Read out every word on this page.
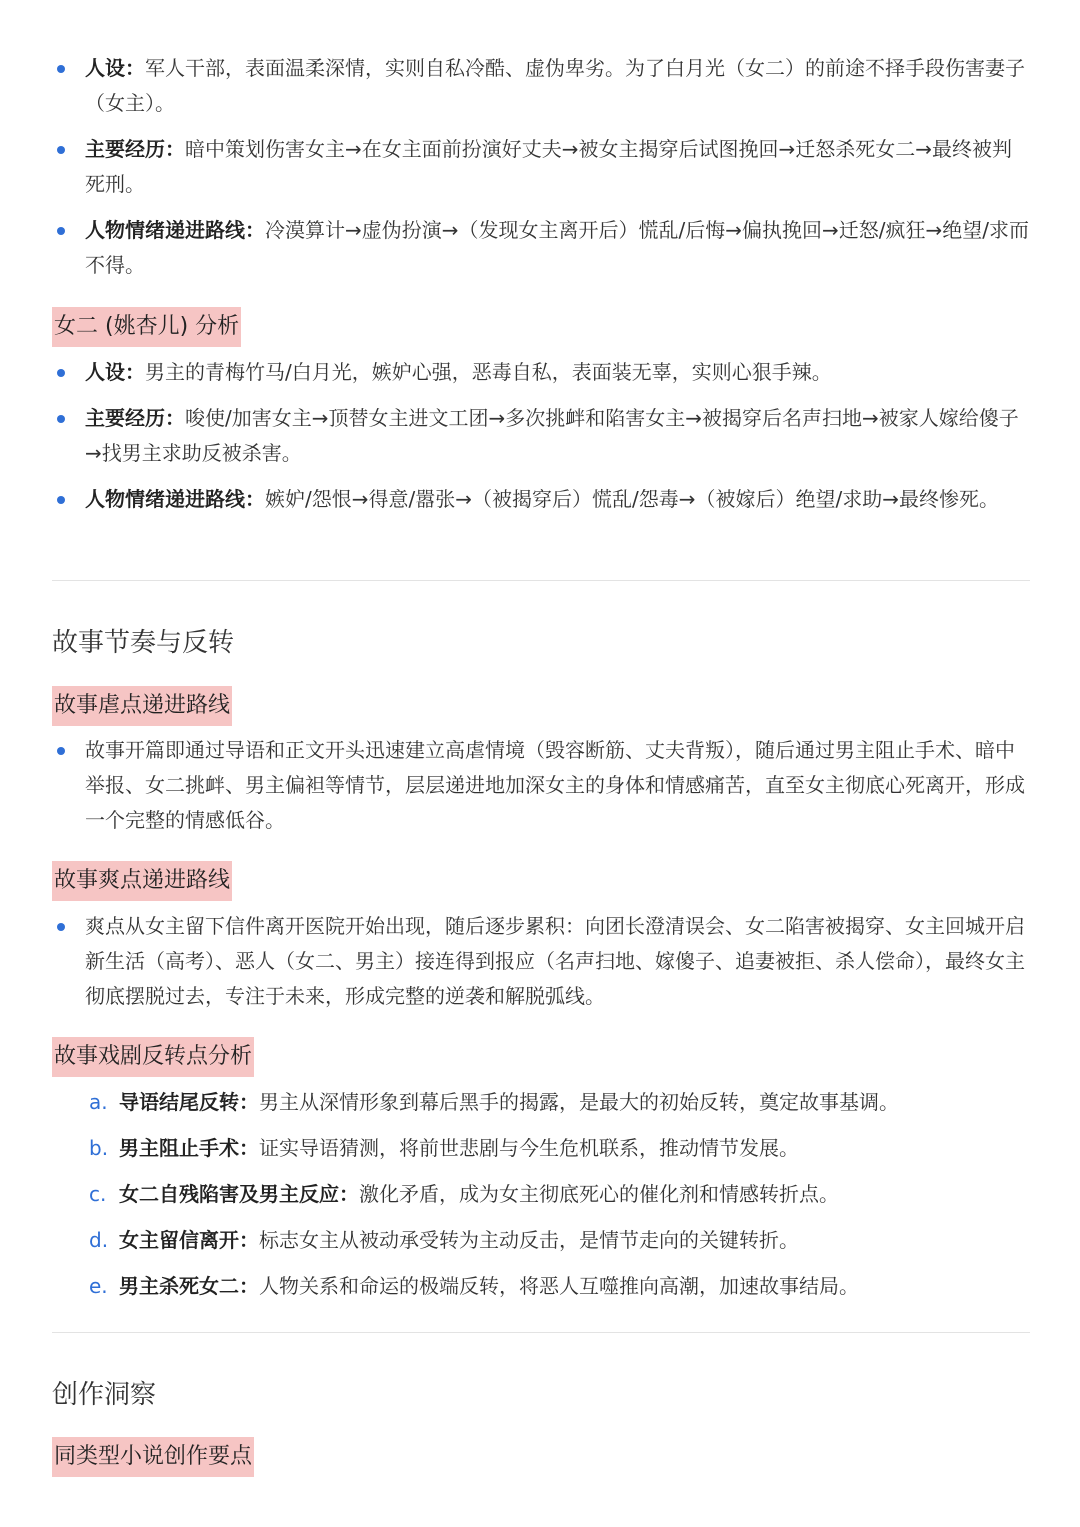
人设：军人干部，表面温柔深情，实则自私冷酷、虚伪卑劣。为了白月光（女二）的前途不择手段伤害妻子（女主）。
主要经历：暗中策划伤害女主→在女主面前扮演好丈夫→被女主揭穿后试图挽回→迁怒杀死女二→最终被判死刑。
人物情绪递进路线：冷漠算计→虚伪扮演→（发现女主离开后）慌乱/后悔→偏执挽回→迁怒/疯狂→绝望/求而不得。
女二 (姚杏儿) 分析
人设：男主的青梅竹马/白月光，嫉妒心强，恶毒自私，表面装无辜，实则心狠手辣。
主要经历：唆使/加害女主→顶替女主进文工团→多次挑衅和陷害女主→被揭穿后名声扫地→被家人嫁给傻子→找男主求助反被杀害。
人物情绪递进路线：嫉妒/怨恨→得意/嚣张→（被揭穿后）慌乱/怨毒→（被嫁后）绝望/求助→最终惨死。
故事节奏与反转
故事虐点递进路线
故事开篇即通过导语和正文开头迅速建立高虐情境（毁容断筋、丈夫背叛），随后通过男主阻止手术、暗中举报、女二挑衅、男主偏袒等情节，层层递进地加深女主的身体和情感痛苦，直至女主彻底心死离开，形成一个完整的情感低谷。
故事爽点递进路线
爽点从女主留下信件离开医院开始出现，随后逐步累积：向团长澄清误会、女二陷害被揭穿、女主回城开启新生活（高考）、恶人（女二、男主）接连得到报应（名声扫地、嫁傻子、追妻被拒、杀人偿命），最终女主彻底摆脱过去，专注于未来，形成完整的逆袭和解脱弧线。
故事戏剧反转点分析
a. 导语结尾反转：男主从深情形象到幕后黑手的揭露，是最大的初始反转，奠定故事基调。
b. 男主阻止手术：证实导语猜测，将前世悲剧与今生危机联系，推动情节发展。
c. 女二自残陷害及男主反应：激化矛盾，成为女主彻底死心的催化剂和情感转折点。
d. 女主留信离开：标志女主从被动承受转为主动反击，是情节走向的关键转折。
e. 男主杀死女二：人物关系和命运的极端反转，将恶人互噬推向高潮，加速故事结局。
创作洞察
同类型小说创作要点
